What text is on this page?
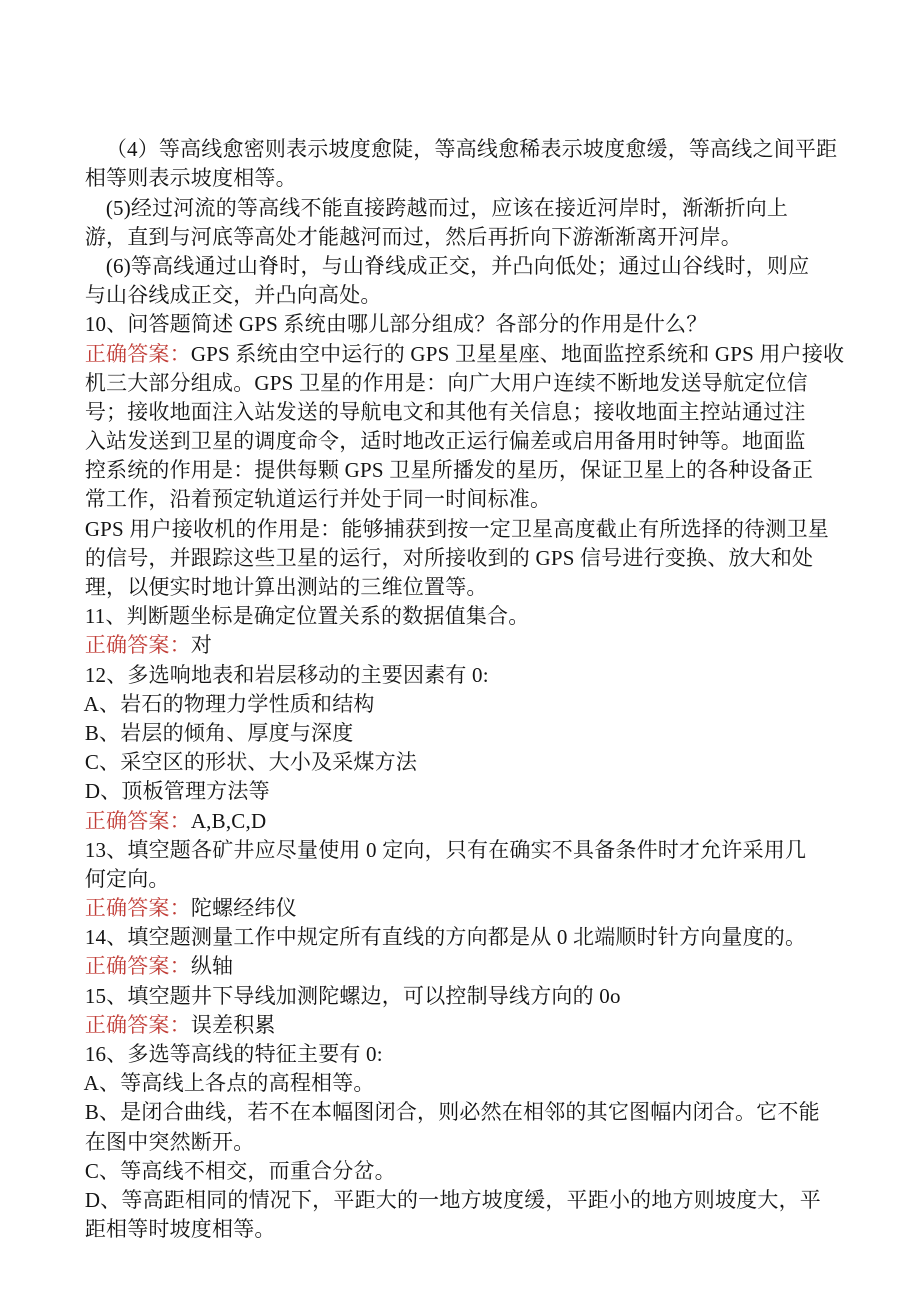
（4）等高线愈密则表示坡度愈陡，等高线愈稀表示坡度愈缓，等高线之间平距

相等则表示坡度相等。

(5)经过河流的等高线不能直接跨越而过，应该在接近河岸时，渐渐折向上

游，直到与河底等高处才能越河而过，然后再折向下游渐渐离开河岸。

(6)等高线通过山脊时，与山脊线成正交，并凸向低处；通过山谷线时，则应

与山谷线成正交，并凸向高处。

10、问答题简述 GPS 系统由哪儿部分组成？各部分的作用是什么？

正确答案：GPS 系统由空中运行的 GPS 卫星星座、地面监控系统和 GPS 用户接收

机三大部分组成。GPS 卫星的作用是：向广大用户连续不断地发送导航定位信

号；接收地面注入站发送的导航电文和其他有关信息；接收地面主控站通过注

入站发送到卫星的调度命令，适时地改正运行偏差或启用备用时钟等。地面监

控系统的作用是：提供每颗 GPS 卫星所播发的星历，保证卫星上的各种设备正

常工作，沿着预定轨道运行并处于同一时间标准。

GPS 用户接收机的作用是：能够捕获到按一定卫星高度截止有所选择的待测卫星

的信号，并跟踪这些卫星的运行，对所接收到的 GPS 信号进行变换、放大和处

理，以便实时地计算出测站的三维位置等。

11、判断题坐标是确定位置关系的数据值集合。

正确答案：对

12、多选响地表和岩层移动的主要因素有 0:

A、岩石的物理力学性质和结构

B、岩层的倾角、厚度与深度

C、采空区的形状、大小及采煤方法

D、顶板管理方法等

正确答案：A,B,C,D

13、填空题各矿井应尽量使用 0 定向，只有在确实不具备条件时才允许采用几

何定向。

正确答案：陀螺经纬仪

14、填空题测量工作中规定所有直线的方向都是从 0 北端顺时针方向量度的。

正确答案：纵轴

15、填空题井下导线加测陀螺边，可以控制导线方向的 0o

正确答案：误差积累

16、多选等高线的特征主要有 0:

A、等高线上各点的高程相等。

B、是闭合曲线，若不在本幅图闭合，则必然在相邻的其它图幅内闭合。它不能

在图中突然断开。

C、等高线不相交，而重合分岔。

D、等高距相同的情况下，平距大的一地方坡度缓，平距小的地方则坡度大，平

距相等时坡度相等。
